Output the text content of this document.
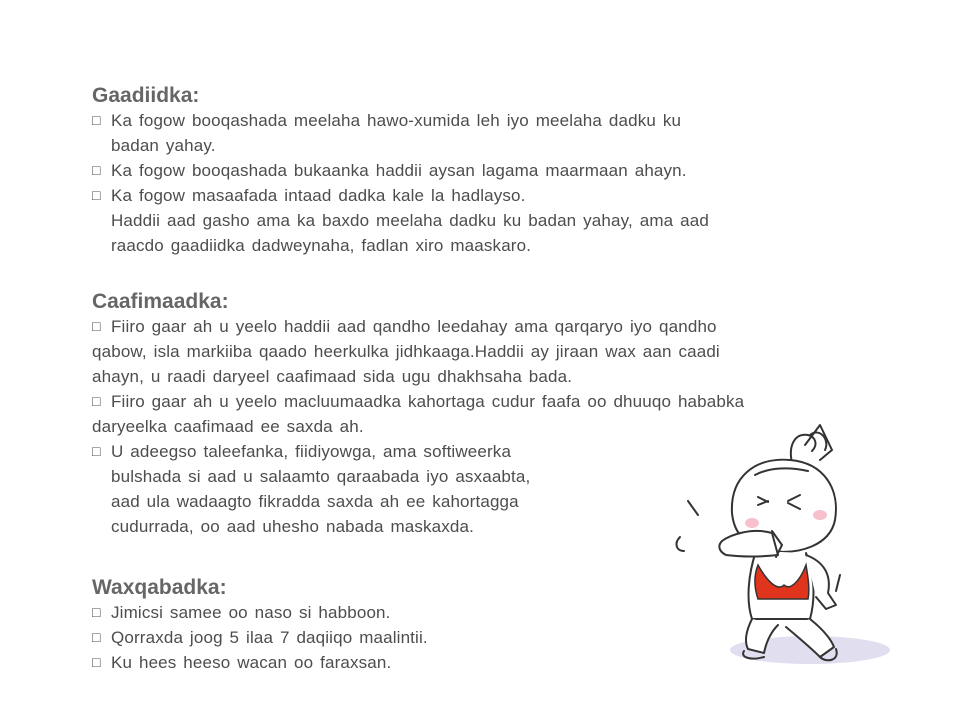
Gaadiidka:
□ Ka fogow booqashada meelaha hawo-xumida leh iyo meelaha dadku ku
badan yahay.
□ Ka fogow booqashada bukaanka haddii aysan lagama maarmaan ahayn.
□ Ka fogow masaafada intaad dadka kale la hadlayso.
Haddii aad gasho ama ka baxdo meelaha dadku ku badan yahay, ama aad
raacdo gaadiidka dadweynaha, fadlan xiro maaskaro.
Caafimaadka:
□ Fiiro gaar ah u yeelo haddii aad qandho leedahay ama qarqaryo iyo qandho
qabow, isla markiiba qaado heerkulka jidhkaaga.Haddii ay jiraan wax aan caadi
ahayn, u raadi daryeel caafimaad sida ugu dhakhsaha bada.
□ Fiiro gaar ah u yeelo macluumaadka kahortaga cudur faafa oo dhuuqo hababka
daryeelka caafimaad ee saxda ah.
□ U adeegso taleefanka, fiidiyowga, ama softiweerka
bulshada si aad u salaamto qaraabada iyo asxaabta,
aad ula wadaagto fikradda saxda ah ee kahortagga
cudurrada, oo aad uhesho nabada maskaxda.
Waxqabadka:
□ Jimicsi samee oo naso si habboon.
□ Qorraxda joog 5 ilaa 7 daqiiqo maalintii.
□ Ku hees heeso wacan oo faraxsan.
